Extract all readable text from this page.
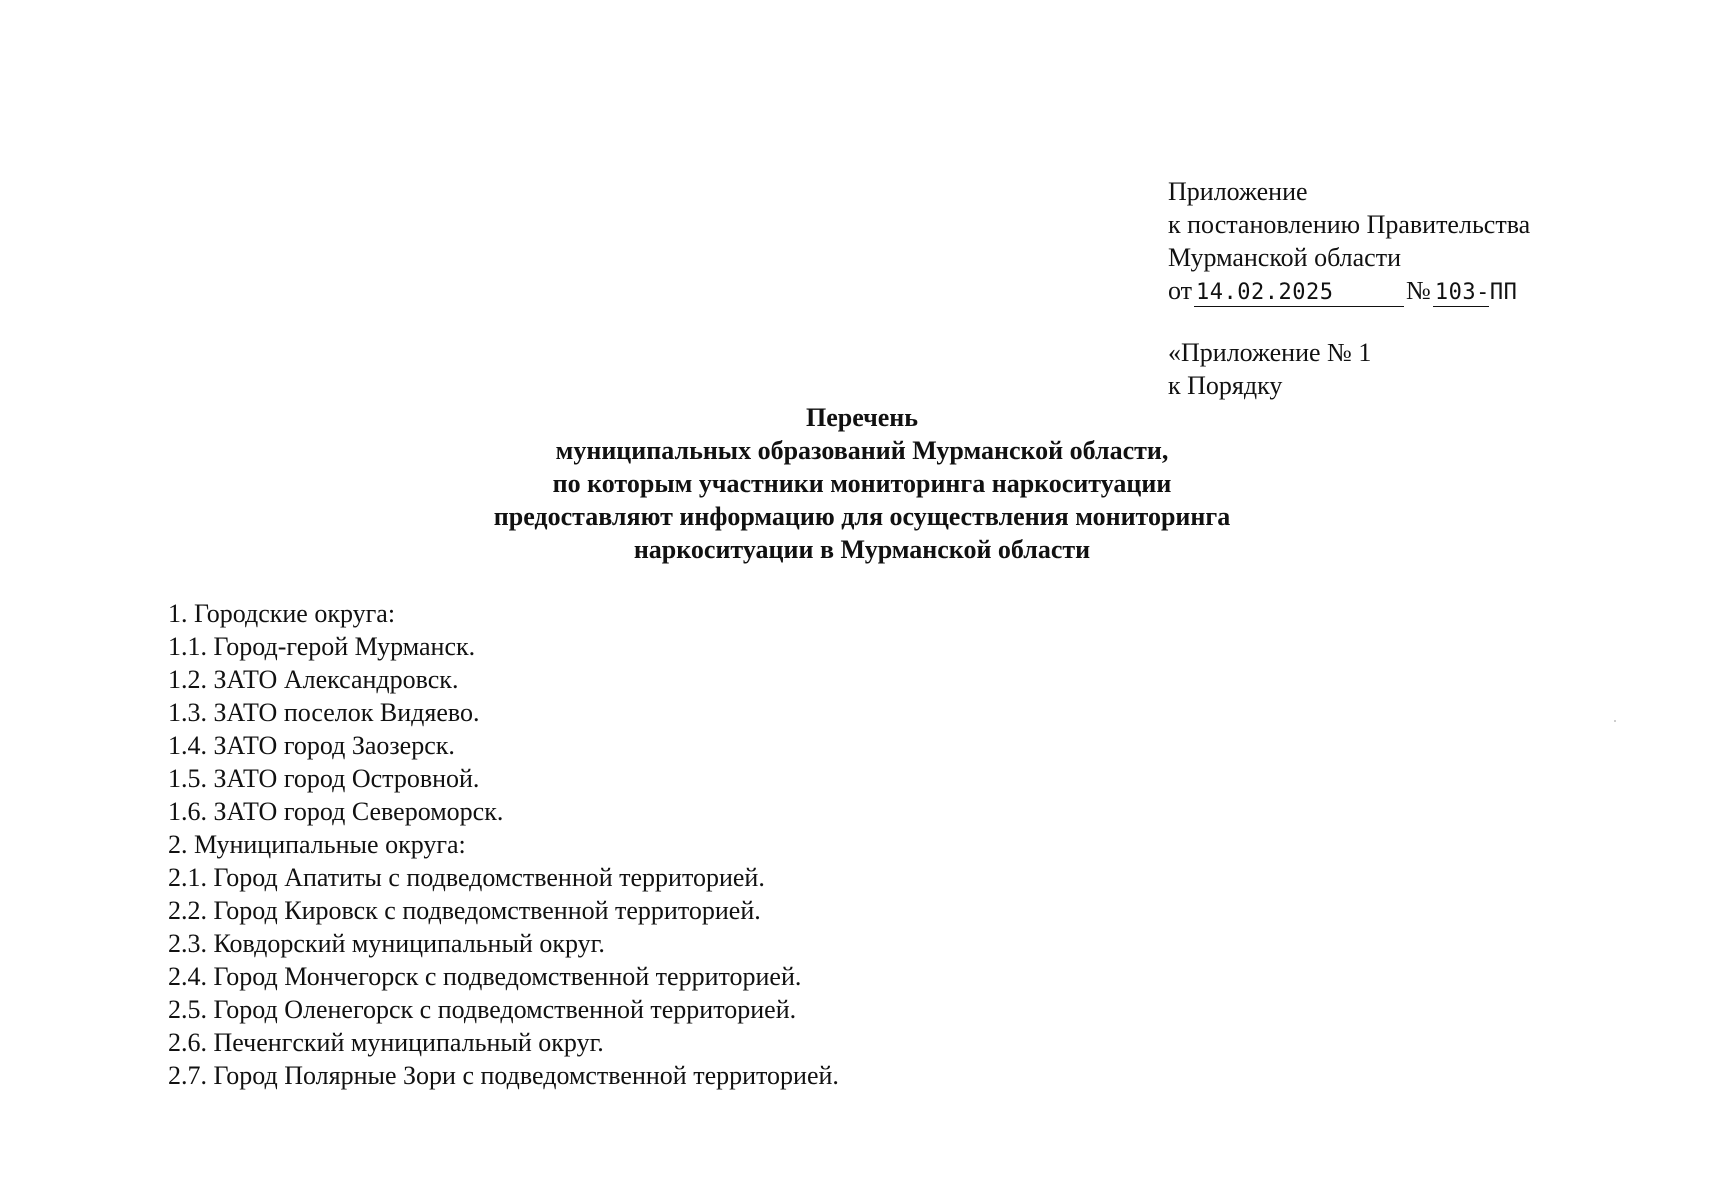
Приложение
к постановлению Правительства
Мурманской области
от 14.02.2025	№ 103-ПП
«Приложение № 1
к Порядку
Перечень
муниципальных образований Мурманской области,
по которым участники мониторинга наркоситуации
предоставляют информацию для осуществления мониторинга
наркоситуации в Мурманской области
1. Городские округа:
1.1. Город-герой Мурманск.
1.2. ЗАТО Александровск.
1.3. ЗАТО поселок Видяево.
1.4. ЗАТО город Заозерск.
1.5. ЗАТО город Островной.
1.6. ЗАТО город Североморск.
2. Муниципальные округа:
2.1. Город Апатиты с подведомственной территорией.
2.2. Город Кировск с подведомственной территорией.
2.3. Ковдорский муниципальный округ.
2.4. Город Мончегорск с подведомственной территорией.
2.5. Город Оленегорск с подведомственной территорией.
2.6. Печенгский муниципальный округ.
2.7. Город Полярные Зори с подведомственной территорией.
